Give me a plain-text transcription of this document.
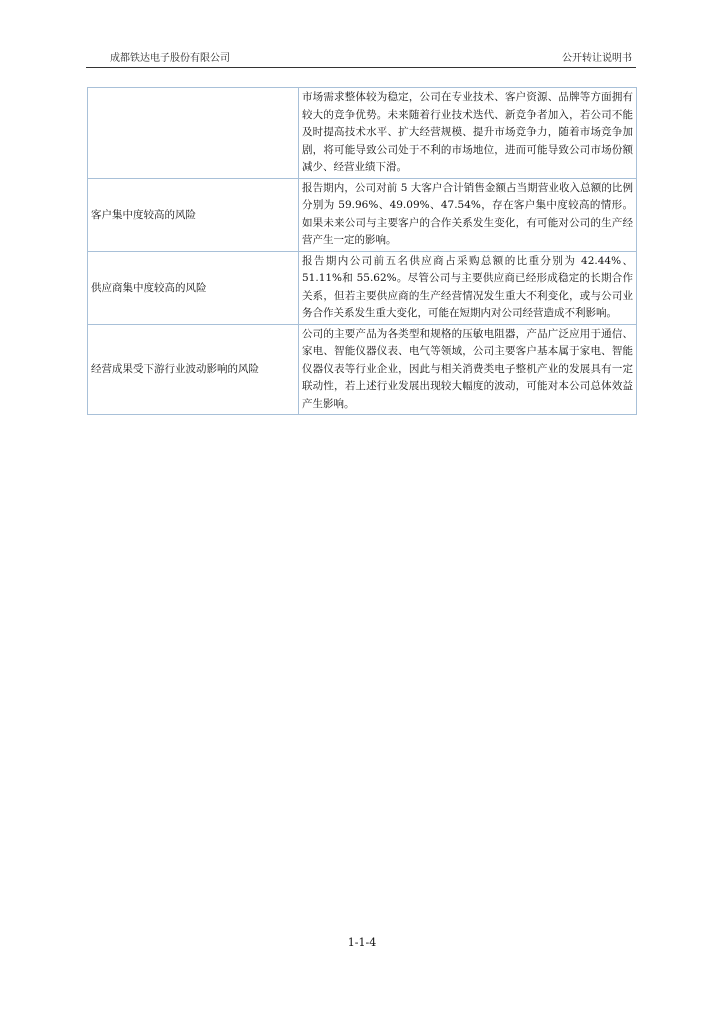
成都铁达电子股份有限公司	公开转让说明书
	市场需求整体较为稳定，公司在专业技术、客户资源、品牌等方面拥有较大的竞争优势。未来随着行业技术迭代、新竞争者加入，若公司不能及时提高技术水平、扩大经营规模、提升市场竞争力，随着市场竞争加剧，将可能导致公司处于不利的市场地位，进而可能导致公司市场份额减少、经营业绩下滑。
客户集中度较高的风险	报告期内，公司对前 5 大客户合计销售金额占当期营业收入总额的比例分别为 59.96%、49.09%、47.54%，存在客户集中度较高的情形。如果未来公司与主要客户的合作关系发生变化，有可能对公司的生产经营产生一定的影响。
供应商集中度较高的风险	报告期内公司前五名供应商占采购总额的比重分别为 42.44%、51.11%和 55.62%。尽管公司与主要供应商已经形成稳定的长期合作关系，但若主要供应商的生产经营情况发生重大不利变化，或与公司业务合作关系发生重大变化，可能在短期内对公司经营造成不利影响。
经营成果受下游行业波动影响的风险	公司的主要产品为各类型和规格的压敏电阻器，产品广泛应用于通信、家电、智能仪器仪表、电气等领域，公司主要客户基本属于家电、智能仪器仪表等行业企业，因此与相关消费类电子整机产业的发展具有一定联动性，若上述行业发展出现较大幅度的波动，可能对本公司总体效益产生影响。
1-1-4
